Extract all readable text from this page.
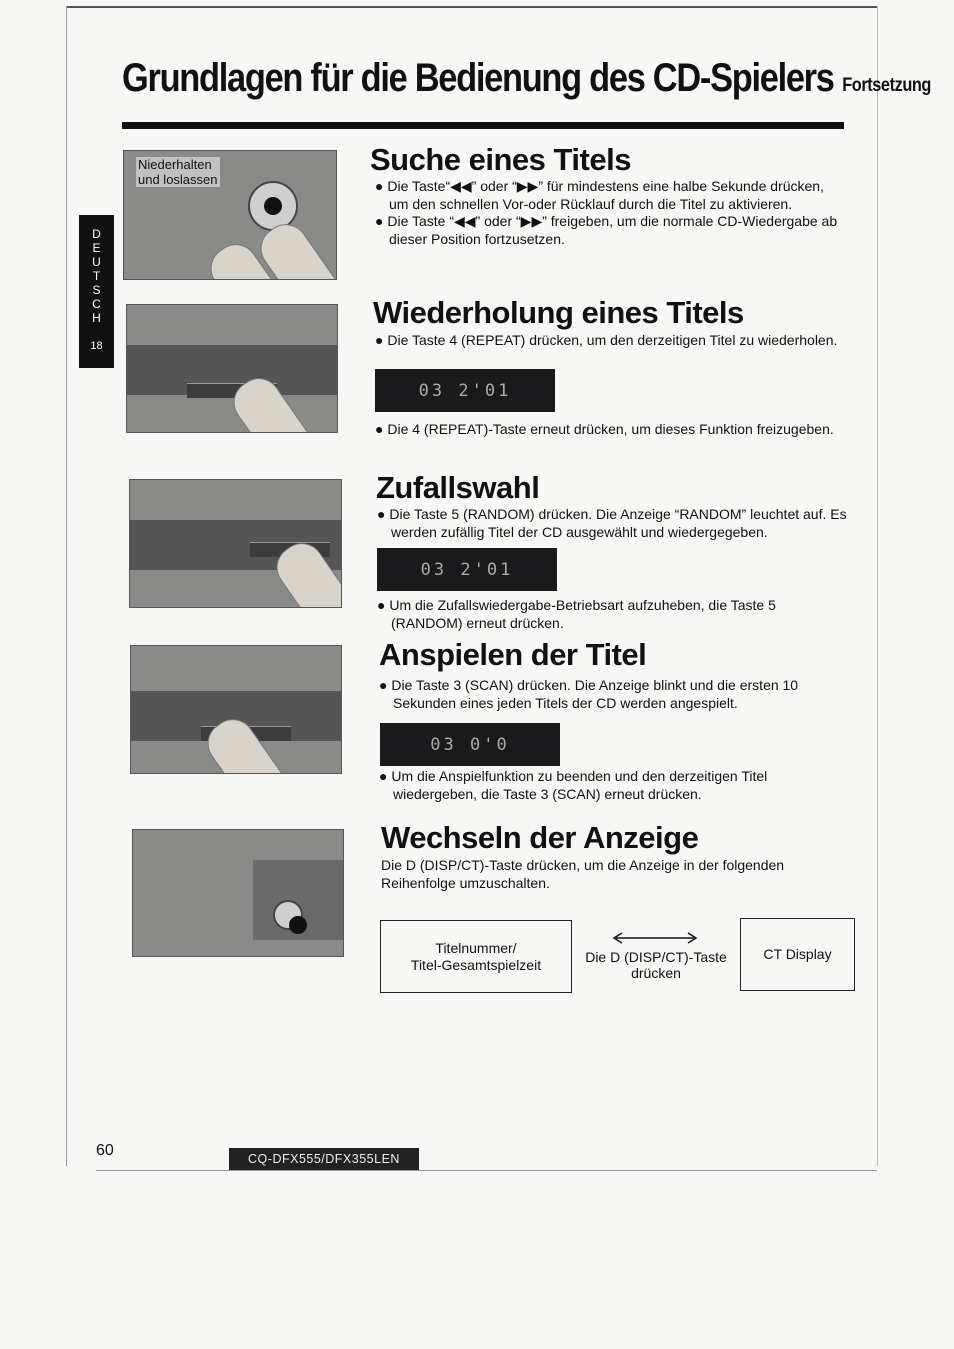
Grundlagen für die Bedienung des CD-Spielers Fortsetzung
D
E
U
T
S
C
H
18
Niederhalten
und loslassen
Suche eines Titels
● Die Taste“◀◀” oder “▶▶” für mindestens eine halbe Sekunde drücken, um den schnellen Vor-oder Rücklauf durch die Titel zu aktivieren.
● Die Taste “◀◀” oder “▶▶” freigeben, um die normale CD-Wiedergabe ab dieser Position fortzusetzen.
Wiederholung eines Titels
● Die Taste 4 (REPEAT) drücken, um den derzeitigen Titel zu wiederholen.
03 2'01
● Die 4 (REPEAT)-Taste erneut drücken, um dieses Funktion freizugeben.
Zufallswahl
● Die Taste 5 (RANDOM) drücken. Die Anzeige “RANDOM” leuchtet auf. Es werden zufällig Titel der CD ausgewählt und wiedergegeben.
03 2'01
● Um die Zufallswiedergabe-Betriebsart aufzuheben, die Taste 5 (RANDOM) erneut drücken.
Anspielen der Titel
● Die Taste 3 (SCAN) drücken. Die Anzeige blinkt und die ersten 10 Sekunden eines jeden Titels der CD werden angespielt.
03 0'0
● Um die Anspielfunktion zu beenden und den derzeitigen Titel wiedergeben, die Taste 3 (SCAN) erneut drücken.
Wechseln der Anzeige
Die D (DISP/CT)-Taste drücken, um die Anzeige in der folgenden Reihenfolge umzuschalten.
Titelnummer/
Titel-Gesamtspielzeit	Die D (DISP/CT)-Taste
drücken
CT Display
60	CQ-DFX555/DFX355LEN
